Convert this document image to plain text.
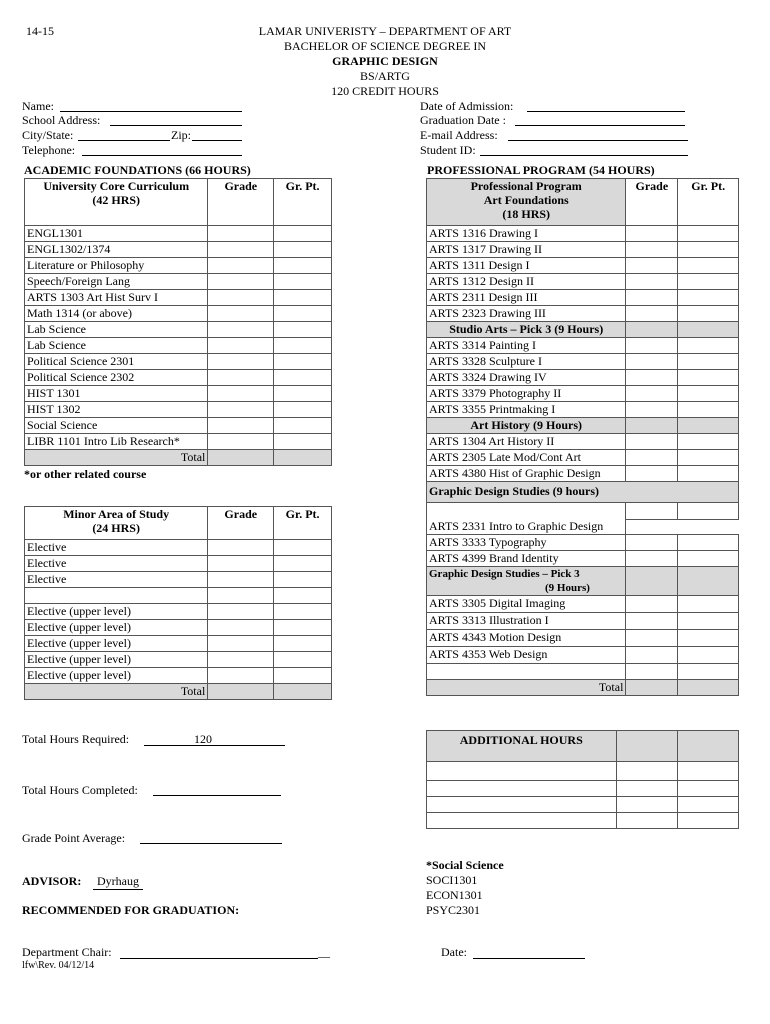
14-15	LAMAR UNIVERISTY – DEPARTMENT OF ART
BACHELOR OF SCIENCE DEGREE IN
GRAPHIC DESIGN
BS/ARTG
120 CREDIT HOURS
Name:
School Address:
City/State:	Zip:
Telephone:
Date of Admission:
Graduation Date :
E-mail Address:
Student ID:
ACADEMIC FOUNDATIONS (66 HOURS)	PROFESSIONAL PROGRAM (54 HOURS)
University Core Curriculum
(42 HRS)	Grade	Gr. Pt.
ENGL1301		
ENGL1302/1374		
Literature or Philosophy		
Speech/Foreign Lang		
ARTS 1303 Art Hist Surv I		
Math 1314 (or above)		
Lab Science		
Lab Science		
Political Science 2301		
Political Science 2302		
HIST 1301		
HIST 1302		
Social Science		
LIBR 1101 Intro Lib Research*		
Total		
*or other related course
Minor Area of Study
(24 HRS)	Grade	Gr. Pt.
Elective		
Elective		
Elective		

Elective (upper level)		
Elective (upper level)		
Elective (upper level)		
Elective (upper level)		
Elective (upper level)		
Total		
Professional Program
Art Foundations
(18 HRS)	Grade	Gr. Pt.
ARTS 1316 Drawing I		
ARTS 1317 Drawing II		
ARTS 1311 Design I		
ARTS 1312 Design II		
ARTS 2311 Design III		
ARTS 2323 Drawing III		
Studio Arts – Pick 3 (9 Hours)		
ARTS 3314 Painting I		
ARTS 3328 Sculpture I		
ARTS 3324 Drawing IV		
ARTS 3379 Photography II		
ARTS 3355 Printmaking I		
Art History (9 Hours)		
ARTS 1304 Art History II		
ARTS 2305 Late Mod/Cont Art		
ARTS 4380 Hist of Graphic Design		
Graphic Design Studies (9 hours)		

ARTS 2331 Intro to Graphic Design		
ARTS 3333 Typography		
ARTS 4399 Brand Identity		
Graphic Design Studies – Pick 3
(9 Hours)		
ARTS 3305 Digital Imaging		
ARTS 3313 Illustration I		
ARTS 4343 Motion Design		
ARTS 4353 Web Design		

Total		
Total Hours Required:	120
Total Hours Completed:
Grade Point Average:
ADVISOR:	Dyrhaug
RECOMMENDED FOR GRADUATION:
Department Chair:	__
lfw\Rev. 04/12/14
ADDITIONAL HOURS		

*Social Science
SOCI1301
ECON1301
PSYC2301
Date:
